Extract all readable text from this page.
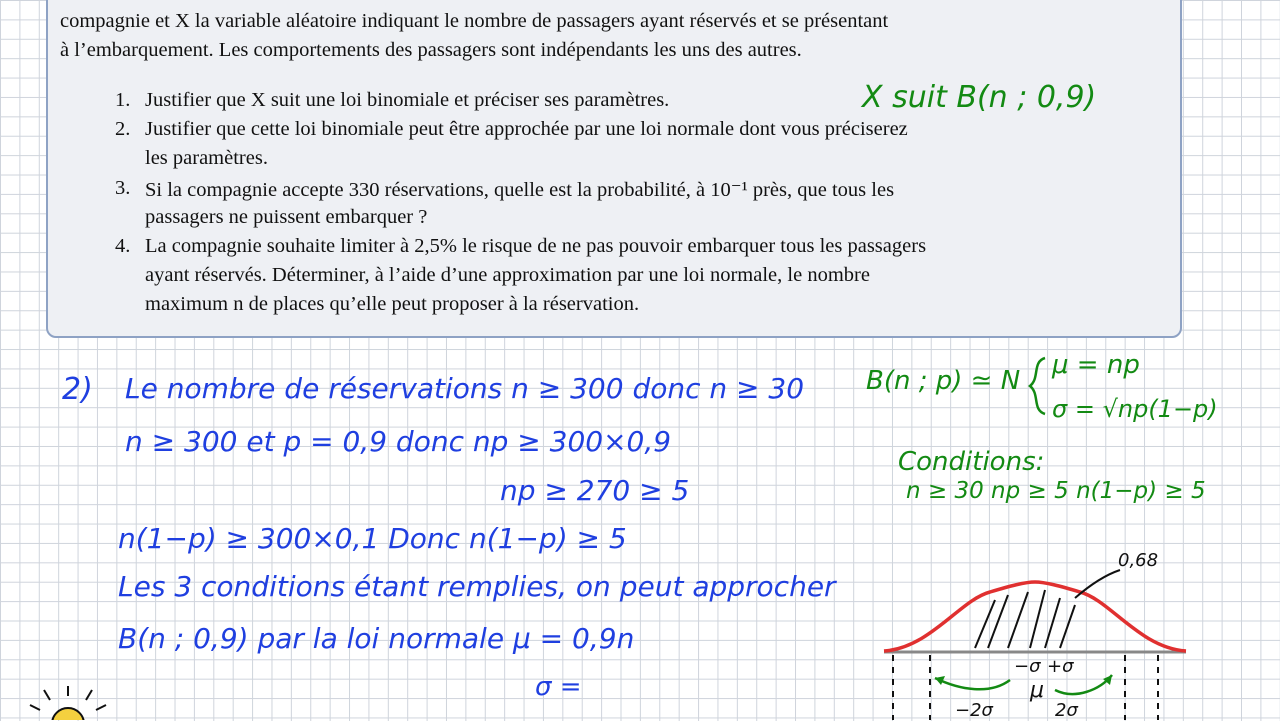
compagnie et X la variable aléatoire indiquant le nombre de passagers ayant réservés et se présentant
à l’embarquement. Les comportements des passagers sont indépendants les uns des autres.
1. Justifier que X suit une loi binomiale et préciser ses paramètres.
2. Justifier que cette loi binomiale peut être approchée par une loi normale dont vous préciserez
les paramètres.
3. Si la compagnie accepte 330 réservations, quelle est la probabilité, à 10⁻¹ près, que tous les
passagers ne puissent embarquer ?
4. La compagnie souhaite limiter à 2,5% le risque de ne pas pouvoir embarquer tous les passagers
ayant réservés. Déterminer, à l’aide d’une approximation par une loi normale, le nombre
maximum n de places qu’elle peut proposer à la réservation.
X suit B(n ; 0,9)
2) Le nombre de réservations n ≥ 300 donc n ≥ 30
n ≥ 300 et p = 0,9 donc np ≥ 300×0,9
np ≥ 270 ≥ 5
n(1−p) ≥ 300×0,1 Donc n(1−p) ≥ 5
Les 3 conditions étant remplies, on peut approcher
B(n ; 0,9) par la loi normale μ = 0,9n
σ =
B(n ; p) ≃ N
μ = np
σ = √np(1−p)
Conditions:
n ≥ 30 np ≥ 5 n(1−p) ≥ 5
0,68
−σ
μ
+σ
−2σ	2σ
